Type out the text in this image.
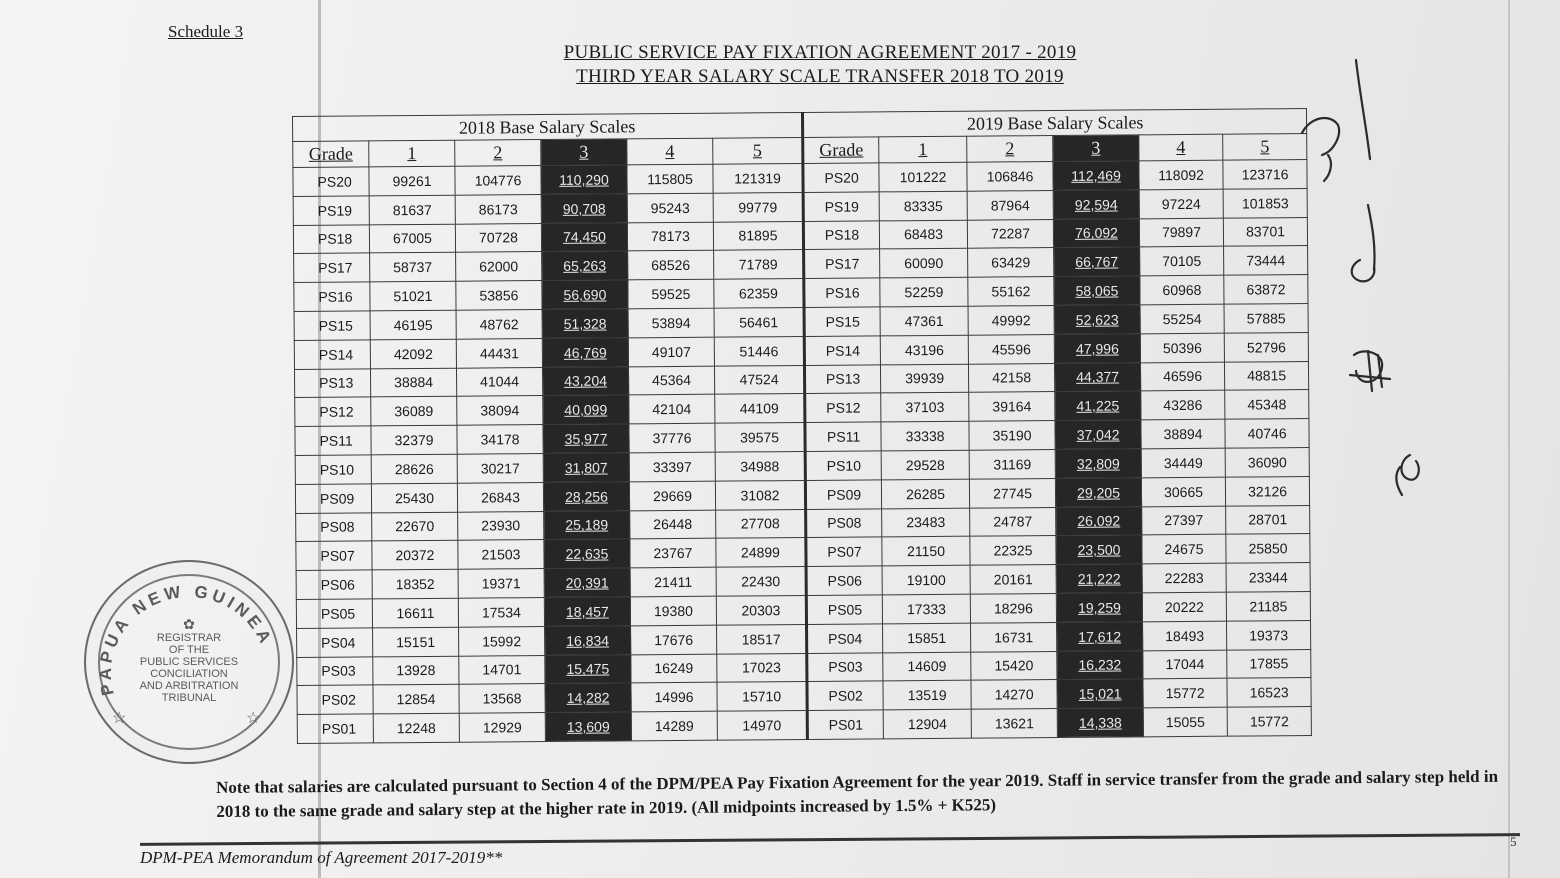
Schedule 3
PUBLIC SERVICE PAY FIXATION AGREEMENT 2017 - 2019
THIRD YEAR SALARY SCALE TRANSFER 2018 TO 2019
2018 Base Salary Scales						2019 Base Salary Scales					
Grade	1	2	3	4	5	Grade	1	2	3	4	5
PS20	99261	104776	110,290	115805	121319	PS20	101222	106846	112,469	118092	123716
PS19	81637	86173	90,708	95243	99779	PS19	83335	87964	92,594	97224	101853
PS18	67005	70728	74,450	78173	81895	PS18	68483	72287	76,092	79897	83701
PS17	58737	62000	65,263	68526	71789	PS17	60090	63429	66,767	70105	73444
PS16	51021	53856	56,690	59525	62359	PS16	52259	55162	58,065	60968	63872
PS15	46195	48762	51,328	53894	56461	PS15	47361	49992	52,623	55254	57885
PS14	42092	44431	46,769	49107	51446	PS14	43196	45596	47,996	50396	52796
PS13	38884	41044	43,204	45364	47524	PS13	39939	42158	44,377	46596	48815
PS12	36089	38094	40,099	42104	44109	PS12	37103	39164	41,225	43286	45348
PS11	32379	34178	35,977	37776	39575	PS11	33338	35190	37,042	38894	40746
PS10	28626	30217	31,807	33397	34988	PS10	29528	31169	32,809	34449	36090
PS09	25430	26843	28,256	29669	31082	PS09	26285	27745	29,205	30665	32126
PS08	22670	23930	25,189	26448	27708	PS08	23483	24787	26,092	27397	28701
PS07	20372	21503	22,635	23767	24899	PS07	21150	22325	23,500	24675	25850
PS06	18352	19371	20,391	21411	22430	PS06	19100	20161	21,222	22283	23344
PS05	16611	17534	18,457	19380	20303	PS05	17333	18296	19,259	20222	21185
PS04	15151	15992	16,834	17676	18517	PS04	15851	16731	17,612	18493	19373
PS03	13928	14701	15,475	16249	17023	PS03	14609	15420	16,232	17044	17855
PS02	12854	13568	14,282	14996	15710	PS02	13519	14270	15,021	15772	16523
PS01	12248	12929	13,609	14289	14970	PS01	12904	13621	14,338	15055	15772
Note that salaries are calculated pursuant to Section 4 of the DPM/PEA Pay Fixation Agreement for the year 2019. Staff in service transfer from the grade and salary step held in 2018 to the same grade and salary step at the higher rate in 2019. (All midpoints increased by 1.5% + K525)
DPM-PEA Memorandum of Agreement 2017-2019**
5
PAPUA NEW GUINEA
✿
REGISTRAR
OF THE
PUBLIC SERVICES
CONCILIATION
AND ARBITRATION
TRIBUNAL
☆	☆
